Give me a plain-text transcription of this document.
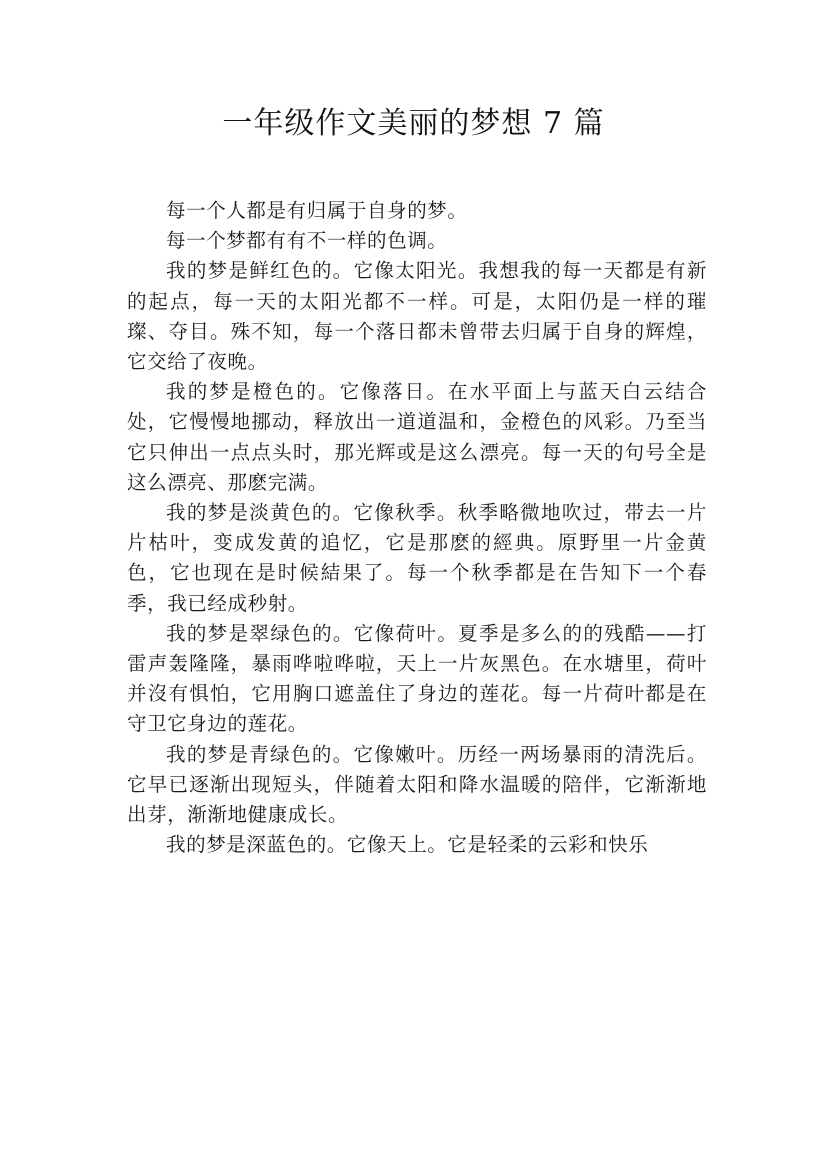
一年级作文美丽的梦想 7 篇

每一个人都是有归属于自身的梦。

每一个梦都有有不一样的色调。

我的梦是鲜红色的。它像太阳光。我想我的每一天都是有新的起点，每一天的太阳光都不一样。可是，太阳仍是一样的璀璨、夺目。殊不知，每一个落日都未曾带去归属于自身的辉煌，它交给了夜晚。

我的梦是橙色的。它像落日。在水平面上与蓝天白云结合处，它慢慢地挪动，释放出一道道温和，金橙色的风彩。乃至当它只伸出一点点头时，那光辉或是这么漂亮。每一天的句号全是这么漂亮、那麽完满。

我的梦是淡黄色的。它像秋季。秋季略微地吹过，带去一片片枯叶，变成发黄的追忆，它是那麽的經典。原野里一片金黄色，它也现在是时候結果了。每一个秋季都是在告知下一个春季，我已经成秒射。

我的梦是翠绿色的。它像荷叶。夏季是多么的的残酷——打雷声轰隆隆，暴雨哗啦哗啦，天上一片灰黑色。在水塘里，荷叶并沒有惧怕，它用胸口遮盖住了身边的莲花。每一片荷叶都是在守卫它身边的莲花。

我的梦是青绿色的。它像嫩叶。历经一两场暴雨的清洗后。它早已逐渐出现短头，伴随着太阳和降水温暖的陪伴，它渐渐地出芽，渐渐地健康成长。

我的梦是深蓝色的。它像天上。它是轻柔的云彩和快乐
